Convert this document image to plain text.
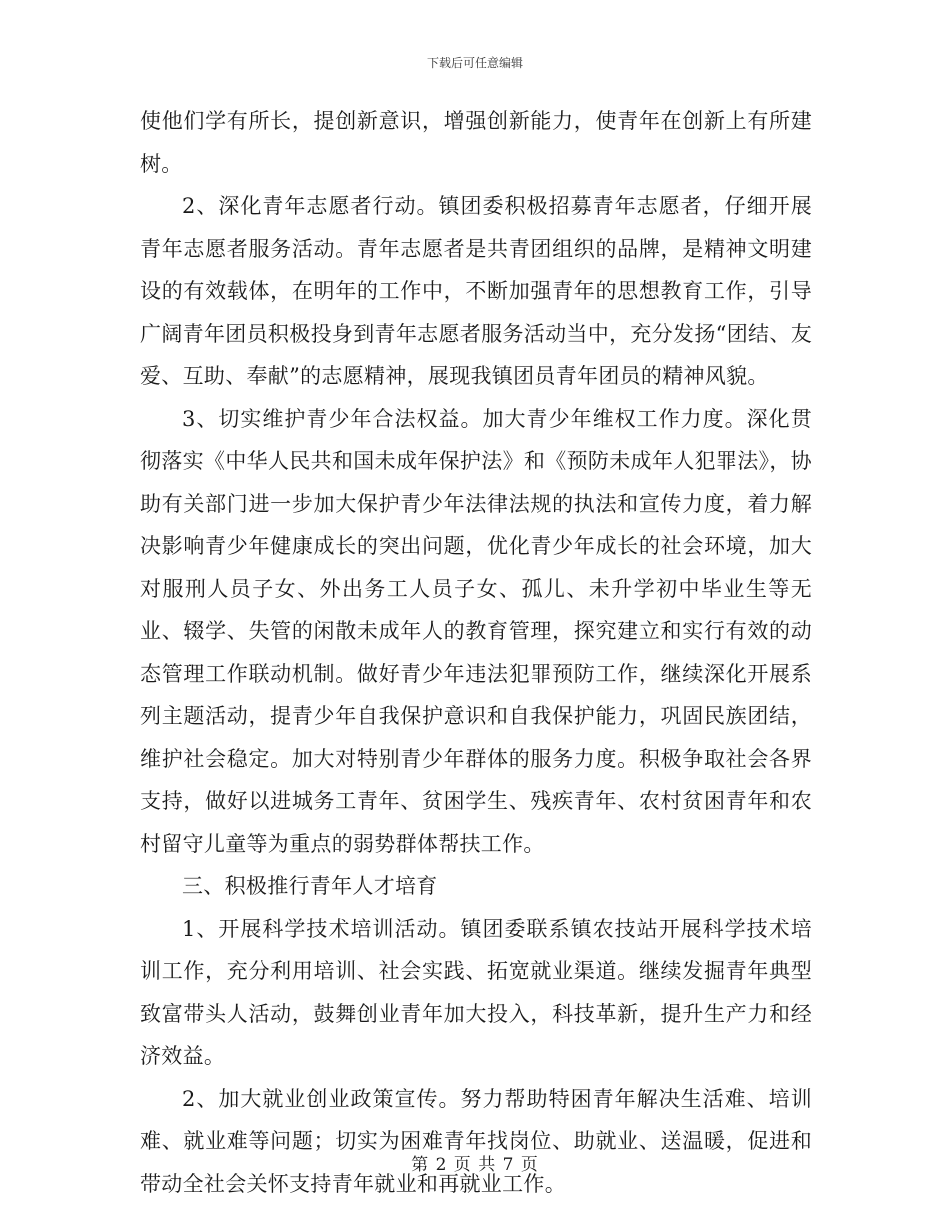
下载后可任意编辑

使他们学有所长，提创新意识，增强创新能力，使青年在创新上有所建树。

2、深化青年志愿者行动。镇团委积极招募青年志愿者，仔细开展青年志愿者服务活动。青年志愿者是共青团组织的品牌，是精神文明建设的有效载体，在明年的工作中，不断加强青年的思想教育工作，引导广阔青年团员积极投身到青年志愿者服务活动当中，充分发扬“团结、友爱、互助、奉献”的志愿精神，展现我镇团员青年团员的精神风貌。

3、切实维护青少年合法权益。加大青少年维权工作力度。深化贯彻落实《中华人民共和国未成年保护法》和《预防未成年人犯罪法》，协助有关部门进一步加大保护青少年法律法规的执法和宣传力度，着力解决影响青少年健康成长的突出问题，优化青少年成长的社会环境，加大对服刑人员子女、外出务工人员子女、孤儿、未升学初中毕业生等无业、辍学、失管的闲散未成年人的教育管理，探究建立和实行有效的动态管理工作联动机制。做好青少年违法犯罪预防工作，继续深化开展系列主题活动，提青少年自我保护意识和自我保护能力，巩固民族团结，维护社会稳定。加大对特别青少年群体的服务力度。积极争取社会各界支持，做好以进城务工青年、贫困学生、残疾青年、农村贫困青年和农村留守儿童等为重点的弱势群体帮扶工作。

三、积极推行青年人才培育

1、开展科学技术培训活动。镇团委联系镇农技站开展科学技术培训工作，充分利用培训、社会实践、拓宽就业渠道。继续发掘青年典型致富带头人活动，鼓舞创业青年加大投入，科技革新，提升生产力和经济效益。

2、加大就业创业政策宣传。努力帮助特困青年解决生活难、培训难、就业难等问题；切实为困难青年找岗位、助就业、送温暖，促进和带动全社会关怀支持青年就业和再就业工作。

第 2 页 共 7 页
